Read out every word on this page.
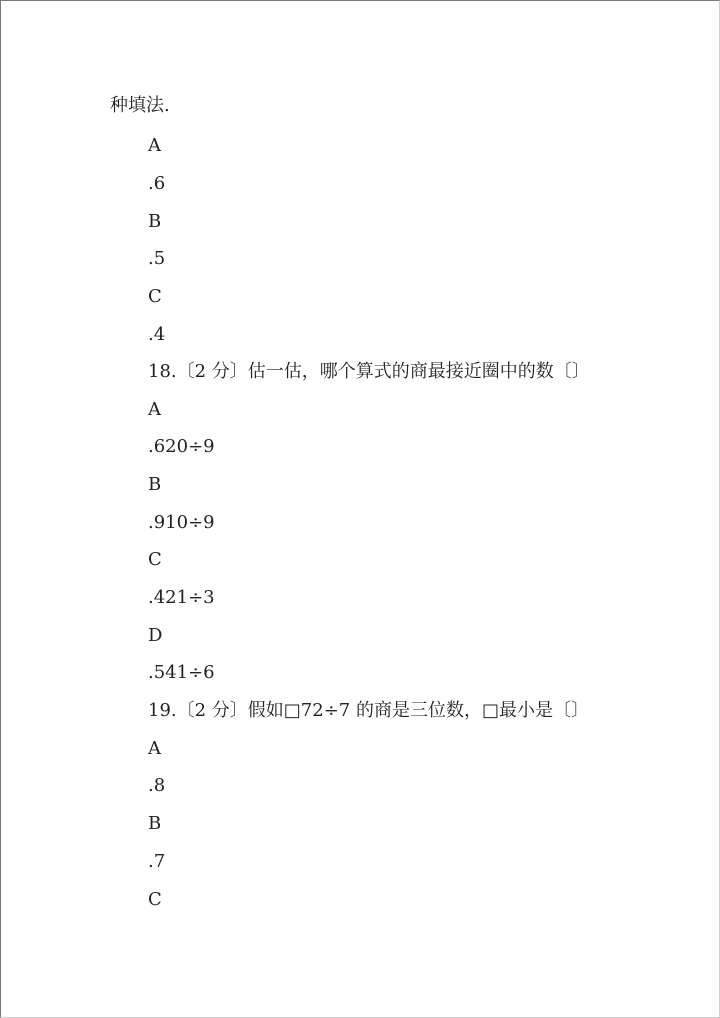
种填法.
A
.6
B
.5
C
.4
18.〔2 分〕估一估，哪个算式的商最接近圈中的数〔〕
A
.620÷9
B
.910÷9
C
.421÷3
D
.541÷6
19.〔2 分〕假如□72÷7 的商是三位数，□最小是〔〕
A
.8
B
.7
C
